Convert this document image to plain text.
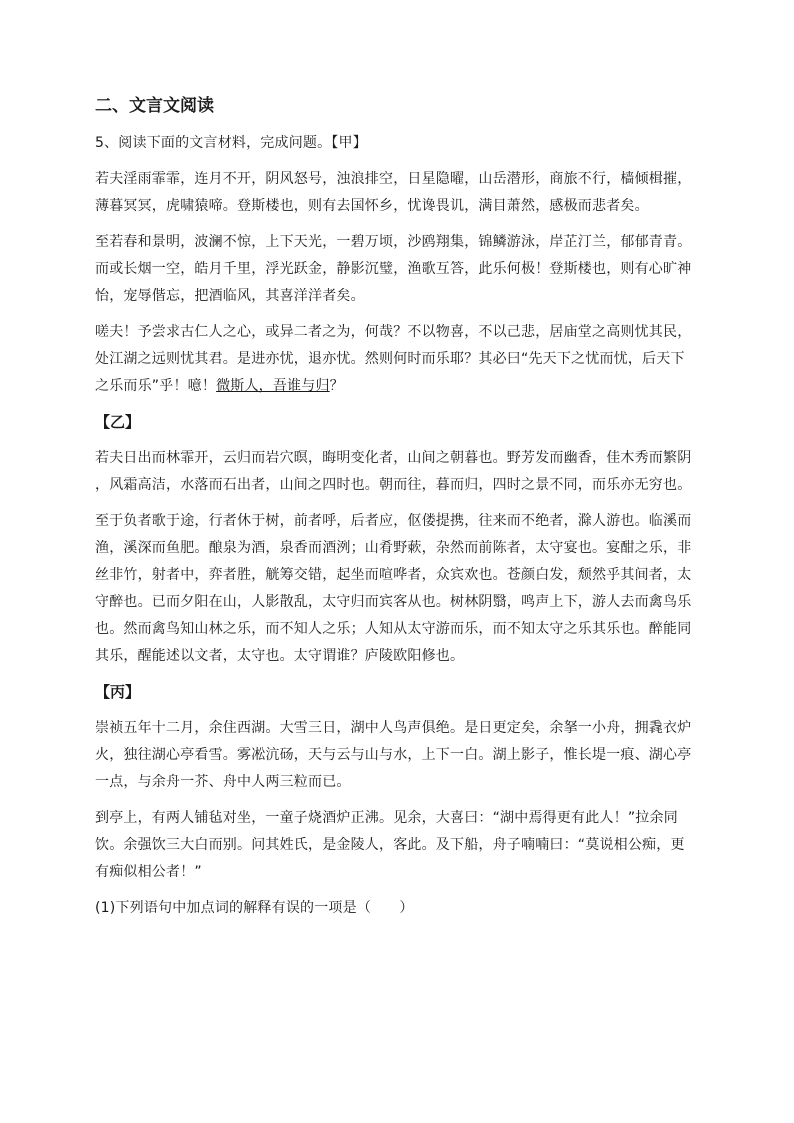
二、文言文阅读
5、阅读下面的文言材料，完成问题。【甲】
若夫淫雨霏霏，连月不开，阴风怒号，浊浪排空，日星隐曜，山岳潜形，商旅不行，樯倾楫摧，
薄暮冥冥，虎啸猿啼。登斯楼也，则有去国怀乡，忧谗畏讥，满目萧然，感极而悲者矣。
至若春和景明，波澜不惊，上下天光，一碧万顷，沙鸥翔集，锦鳞游泳，岸芷汀兰，郁郁青青。
而或长烟一空，皓月千里，浮光跃金，静影沉璧，渔歌互答，此乐何极！登斯楼也，则有心旷神
怡，宠辱偕忘，把酒临风，其喜洋洋者矣。
嗟夫！予尝求古仁人之心，或异二者之为，何哉？不以物喜，不以己悲，居庙堂之高则忧其民，
处江湖之远则忧其君。是进亦忧，退亦忧。然则何时而乐耶？其必曰“先天下之忧而忧，后天下
之乐而乐”乎！噫！微斯人，吾谁与归？
【乙】
若夫日出而林霏开，云归而岩穴暝，晦明变化者，山间之朝暮也。野芳发而幽香，佳木秀而繁阴
，风霜高洁，水落而石出者，山间之四时也。朝而往，暮而归，四时之景不同，而乐亦无穷也。
至于负者歌于途，行者休于树，前者呼，后者应，伛偻提携，往来而不绝者，滁人游也。临溪而
渔，溪深而鱼肥。酿泉为酒，泉香而酒洌；山肴野蔌，杂然而前陈者，太守宴也。宴酣之乐，非
丝非竹，射者中，弈者胜，觥筹交错，起坐而喧哗者，众宾欢也。苍颜白发，颓然乎其间者，太
守醉也。已而夕阳在山，人影散乱，太守归而宾客从也。树林阴翳，鸣声上下，游人去而禽鸟乐
也。然而禽鸟知山林之乐，而不知人之乐；人知从太守游而乐，而不知太守之乐其乐也。醉能同
其乐，醒能述以文者，太守也。太守谓谁？庐陵欧阳修也。
【丙】
崇祯五年十二月，余住西湖。大雪三日，湖中人鸟声俱绝。是日更定矣，余拏一小舟，拥毳衣炉
火，独往湖心亭看雪。雾凇沆砀，天与云与山与水，上下一白。湖上影子，惟长堤一痕、湖心亭
一点，与余舟一芥、舟中人两三粒而已。
到亭上，有两人铺毡对坐，一童子烧酒炉正沸。见余，大喜曰：“湖中焉得更有此人！”拉余同
饮。余强饮三大白而别。问其姓氏，是金陵人，客此。及下船，舟子喃喃曰：“莫说相公痴，更
有痴似相公者！”
(1)下列语句中加点词的解释有误的一项是（　　）
